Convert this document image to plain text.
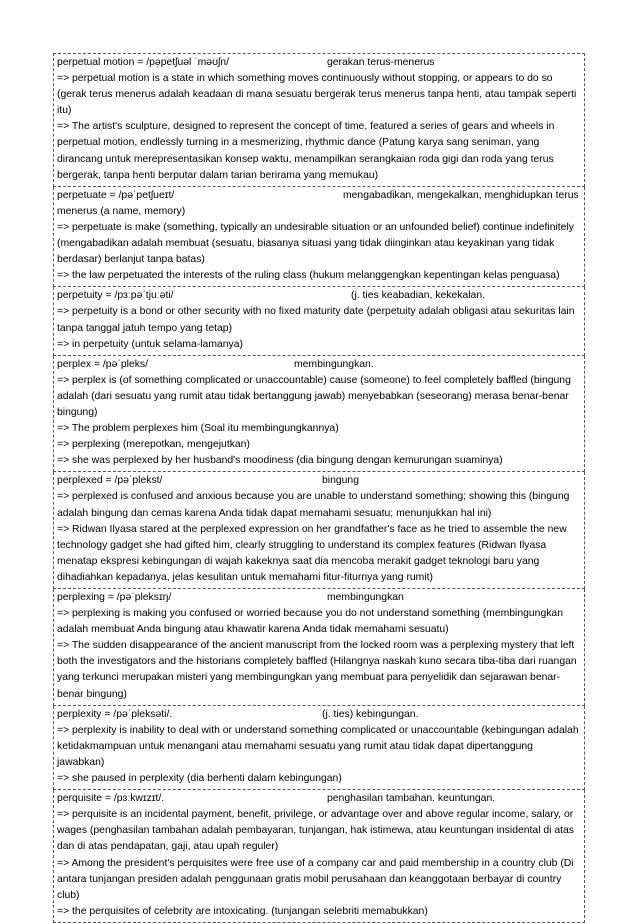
perpetual motion = /pə̩petʃuəl ˈməʊʃn/	gerakan terus-menerus
=> perpetual motion is a state in which something moves continuously without stopping, or appears to do so (gerak terus menerus adalah keadaan di mana sesuatu bergerak terus menerus tanpa henti, atau tampak seperti itu)
=> The artist's sculpture, designed to represent the concept of time, featured a series of gears and wheels in perpetual motion, endlessly turning in a mesmerizing, rhythmic dance (Patung karya sang seniman, yang dirancang untuk merepresentasikan konsep waktu, menampilkan serangkaian roda gigi dan roda yang terus bergerak, tanpa henti berputar dalam tarian berirama yang memukau)
perpetuate = /pəˈpetʃueɪt/	mengabadikan, mengekalkan, menghidupkan terus menerus (a name, memory)
=> perpetuate is make (something, typically an undesirable situation or an unfounded belief) continue indefinitely (mengabadikan adalah membuat (sesuatu, biasanya situasi yang tidak diinginkan atau keyakinan yang tidak berdasar) berlanjut tanpa batas)
=> the law perpetuated the interests of the ruling class (hukum melanggengkan kepentingan kelas penguasa)
perpetuity = /pɜːpəˈtjuːəti/	(j. ties keabadian, kekekalan.
=> perpetuity is a bond or other security with no fixed maturity date (perpetuity adalah obligasi atau sekuritas lain tanpa tanggal jatuh tempo yang tetap)
=> in perpetuity (untuk selama-lamanya)
perplex = /pəˈpleks/	membingungkan.
=> perplex is (of something complicated or unaccountable) cause (someone) to feel completely baffled (bingung adalah (dari sesuatu yang rumit atau tidak bertanggung jawab) menyebabkan (seseorang) merasa benar-benar bingung)
=> The problem perplexes him (Soal itu membingungkannya)
=> perplexing (merepotkan, mengejutkan)
=> she was perplexed by her husband's moodiness (dia bingung dengan kemurungan suaminya)
perplexed = /pəˈplekst/	bingung
=> perplexed is confused and anxious because you are unable to understand something; showing this (bingung adalah bingung dan cemas karena Anda tidak dapat memahami sesuatu; menunjukkan hal ini)
=> Ridwan Ilyasa stared at the perplexed expression on her grandfather's face as he tried to assemble the new technology gadget she had gifted him, clearly struggling to understand its complex features (Ridwan Ilyasa menatap ekspresi kebingungan di wajah kakeknya saat dia mencoba merakit gadget teknologi baru yang dihadiahkan kepadanya, jelas kesulitan untuk memahami fitur-fiturnya yang rumit)
perplexing = /pəˈpleksɪŋ/	membingungkan
=> perplexing is making you confused or worried because you do not understand something (membingungkan adalah membuat Anda bingung atau khawatir karena Anda tidak memahami sesuatu)
=> The sudden disappearance of the ancient manuscript from the locked room was a perplexing mystery that left both the investigators and the historians completely baffled (Hilangnya naskah kuno secara tiba-tiba dari ruangan yang terkunci merupakan misteri yang membingungkan yang membuat para penyelidik dan sejarawan benar-benar bingung)
perplexity = /pəˈpleksəti/.	(j. ties) kebingungan.
=> perplexity is inability to deal with or understand something complicated or unaccountable (kebingungan adalah ketidakmampuan untuk menangani atau memahami sesuatu yang rumit atau tidak dapat dipertanggung jawabkan)
=> she paused in perplexity (dia berhenti dalam kebingungan)
perquisite = /pɜːkwɪzɪt/.	penghasilan tambahan. keuntungan.
=> perquisite is an incidental payment, benefit, privilege, or advantage over and above regular income, salary, or wages (penghasilan tambahan adalah pembayaran, tunjangan, hak istimewa, atau keuntungan insidental di atas dan di atas pendapatan, gaji, atau upah reguler)
=> Among the president's perquisites were free use of a company car and paid membership in a country club (Di antara tunjangan presiden adalah penggunaan gratis mobil perusahaan dan keanggotaan berbayar di country club)
=> the perquisites of celebrity are intoxicating. (tunjangan selebriti memabukkan)
